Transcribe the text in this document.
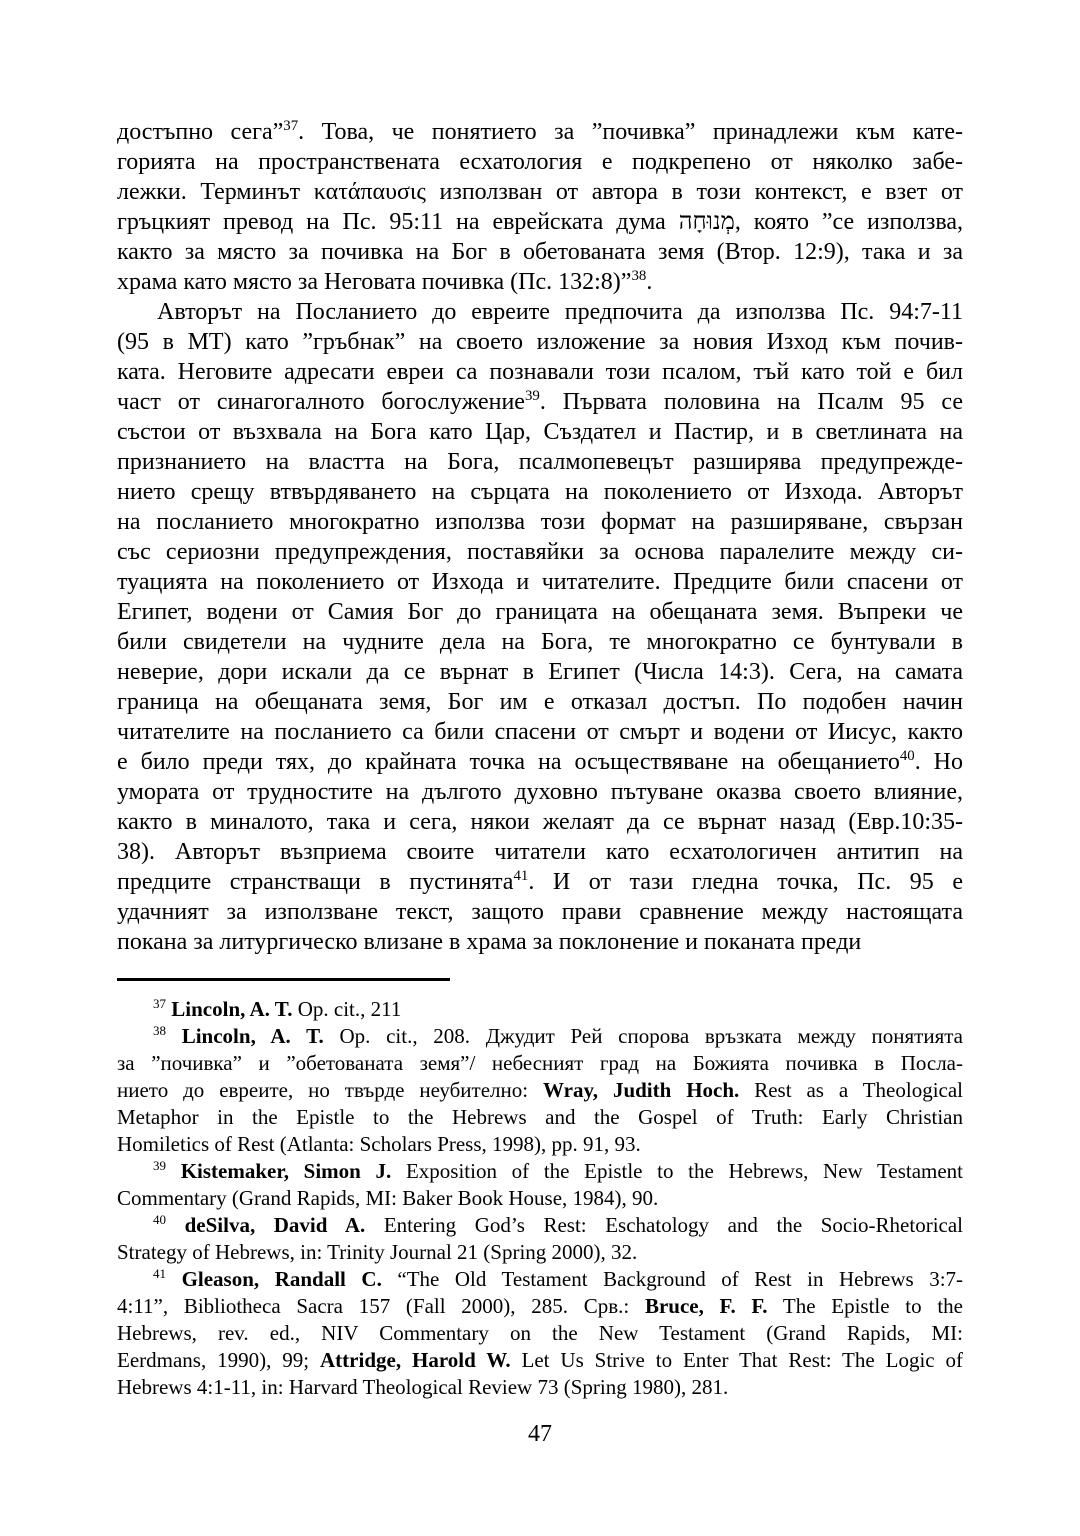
достъпно сега”$^{37}$. Това, че понятието за ”почивка” принадлежи към кате-
горията на пространствената есхатология е подкрепено от няколко забе-
лежки. Терминът κατάπαυσις използван от автора в този контекст, е взет от
гръцкият превод на Пс. 95:11 на еврейската дума מְנוּחָה, която ”се използва,
както за място за почивка на Бог в обетованата земя (Втор. 12:9), така и за
храма като място за Неговата почивка (Пс. 132:8)”$^{38}$.
Авторът на Посланието до евреите предпочита да използва Пс. 94:7-11
(95 в МТ) като ”гръбнак” на своето изложение за новия Изход към почив-
ката. Неговите адресати евреи са познавали този псалом, тъй като той е бил
част от синагогалното богослужение$^{39}$. Първата половина на Псалм 95 се
състои от възхвала на Бога като Цар, Създател и Пастир, и в светлината на
признанието на властта на Бога, псалмопевецът разширява предупрежде-
нието срещу втвърдяването на сърцата на поколението от Изхода. Авторът
на посланието многократно използва този формат на разширяване, свързан
със сериозни предупреждения, поставяйки за основа паралелите между си-
туацията на поколението от Изхода и читателите. Предците били спасени от
Египет, водени от Самия Бог до границата на обещаната земя. Въпреки че
били свидетели на чудните дела на Бога, те многократно се бунтували в
неверие, дори искали да се върнат в Египет (Числа 14:3). Сега, на самата
граница на обещаната земя, Бог им е отказал достъп. По подобен начин
читателите на посланието са били спасени от смърт и водени от Иисус, както
е било преди тях, до крайната точка на осъществяване на обещанието$^{40}$. Но
умората от трудностите на дългото духовно пътуване оказва своето влияние,
както в миналото, така и сега, някои желаят да се върнат назад (Евр.10:35-
38). Авторът възприема своите читатели като есхатологичен антитип на
предците странстващи в пустинята$^{41}$. И от тази гледна точка, Пс. 95 е
удачният за използване текст, защото прави сравнение между настоящата
покана за литургическо влизане в храма за поклонение и поканата преди
$^{37}$ Lincoln, A. T. Op. cit., 211
$^{38}$ Lincoln, A. T. Op. cit., 208. Джудит Рей спорова връзката между понятията
за ”почивка” и ”обетованата земя”/ небесният град на Божията почивка в Посла-
нието до евреите, но твърде неубително: Wray, Judith Hoch. Rest as a Theological
Metaphor in the Epistle to the Hebrews and the Gospel of Truth: Early Christian
Homiletics of Rest (Atlanta: Scholars Press, 1998), pp. 91, 93.
$^{39}$ Kistemaker, Simon J. Exposition of the Epistle to the Hebrews, New Testament
Commentary (Grand Rapids, MI: Baker Book House, 1984), 90.
$^{40}$ deSilva, David A. Entering God’s Rest: Eschatology and the Socio-Rhetorical
Strategy of Hebrews, in: Trinity Journal 21 (Spring 2000), 32.
$^{41}$ Gleason, Randall C. “The Old Testament Background of Rest in Hebrews 3:7-
4:11”, Bibliotheca Sacra 157 (Fall 2000), 285. Срв.: Bruce, F. F. The Epistle to the
Hebrews, rev. ed., NIV Commentary on the New Testament (Grand Rapids, MI:
Eerdmans, 1990), 99; Attridge, Harold W. Let Us Strive to Enter That Rest: The Logic of
Hebrews 4:1-11, in: Harvard Theological Review 73 (Spring 1980), 281.
47
